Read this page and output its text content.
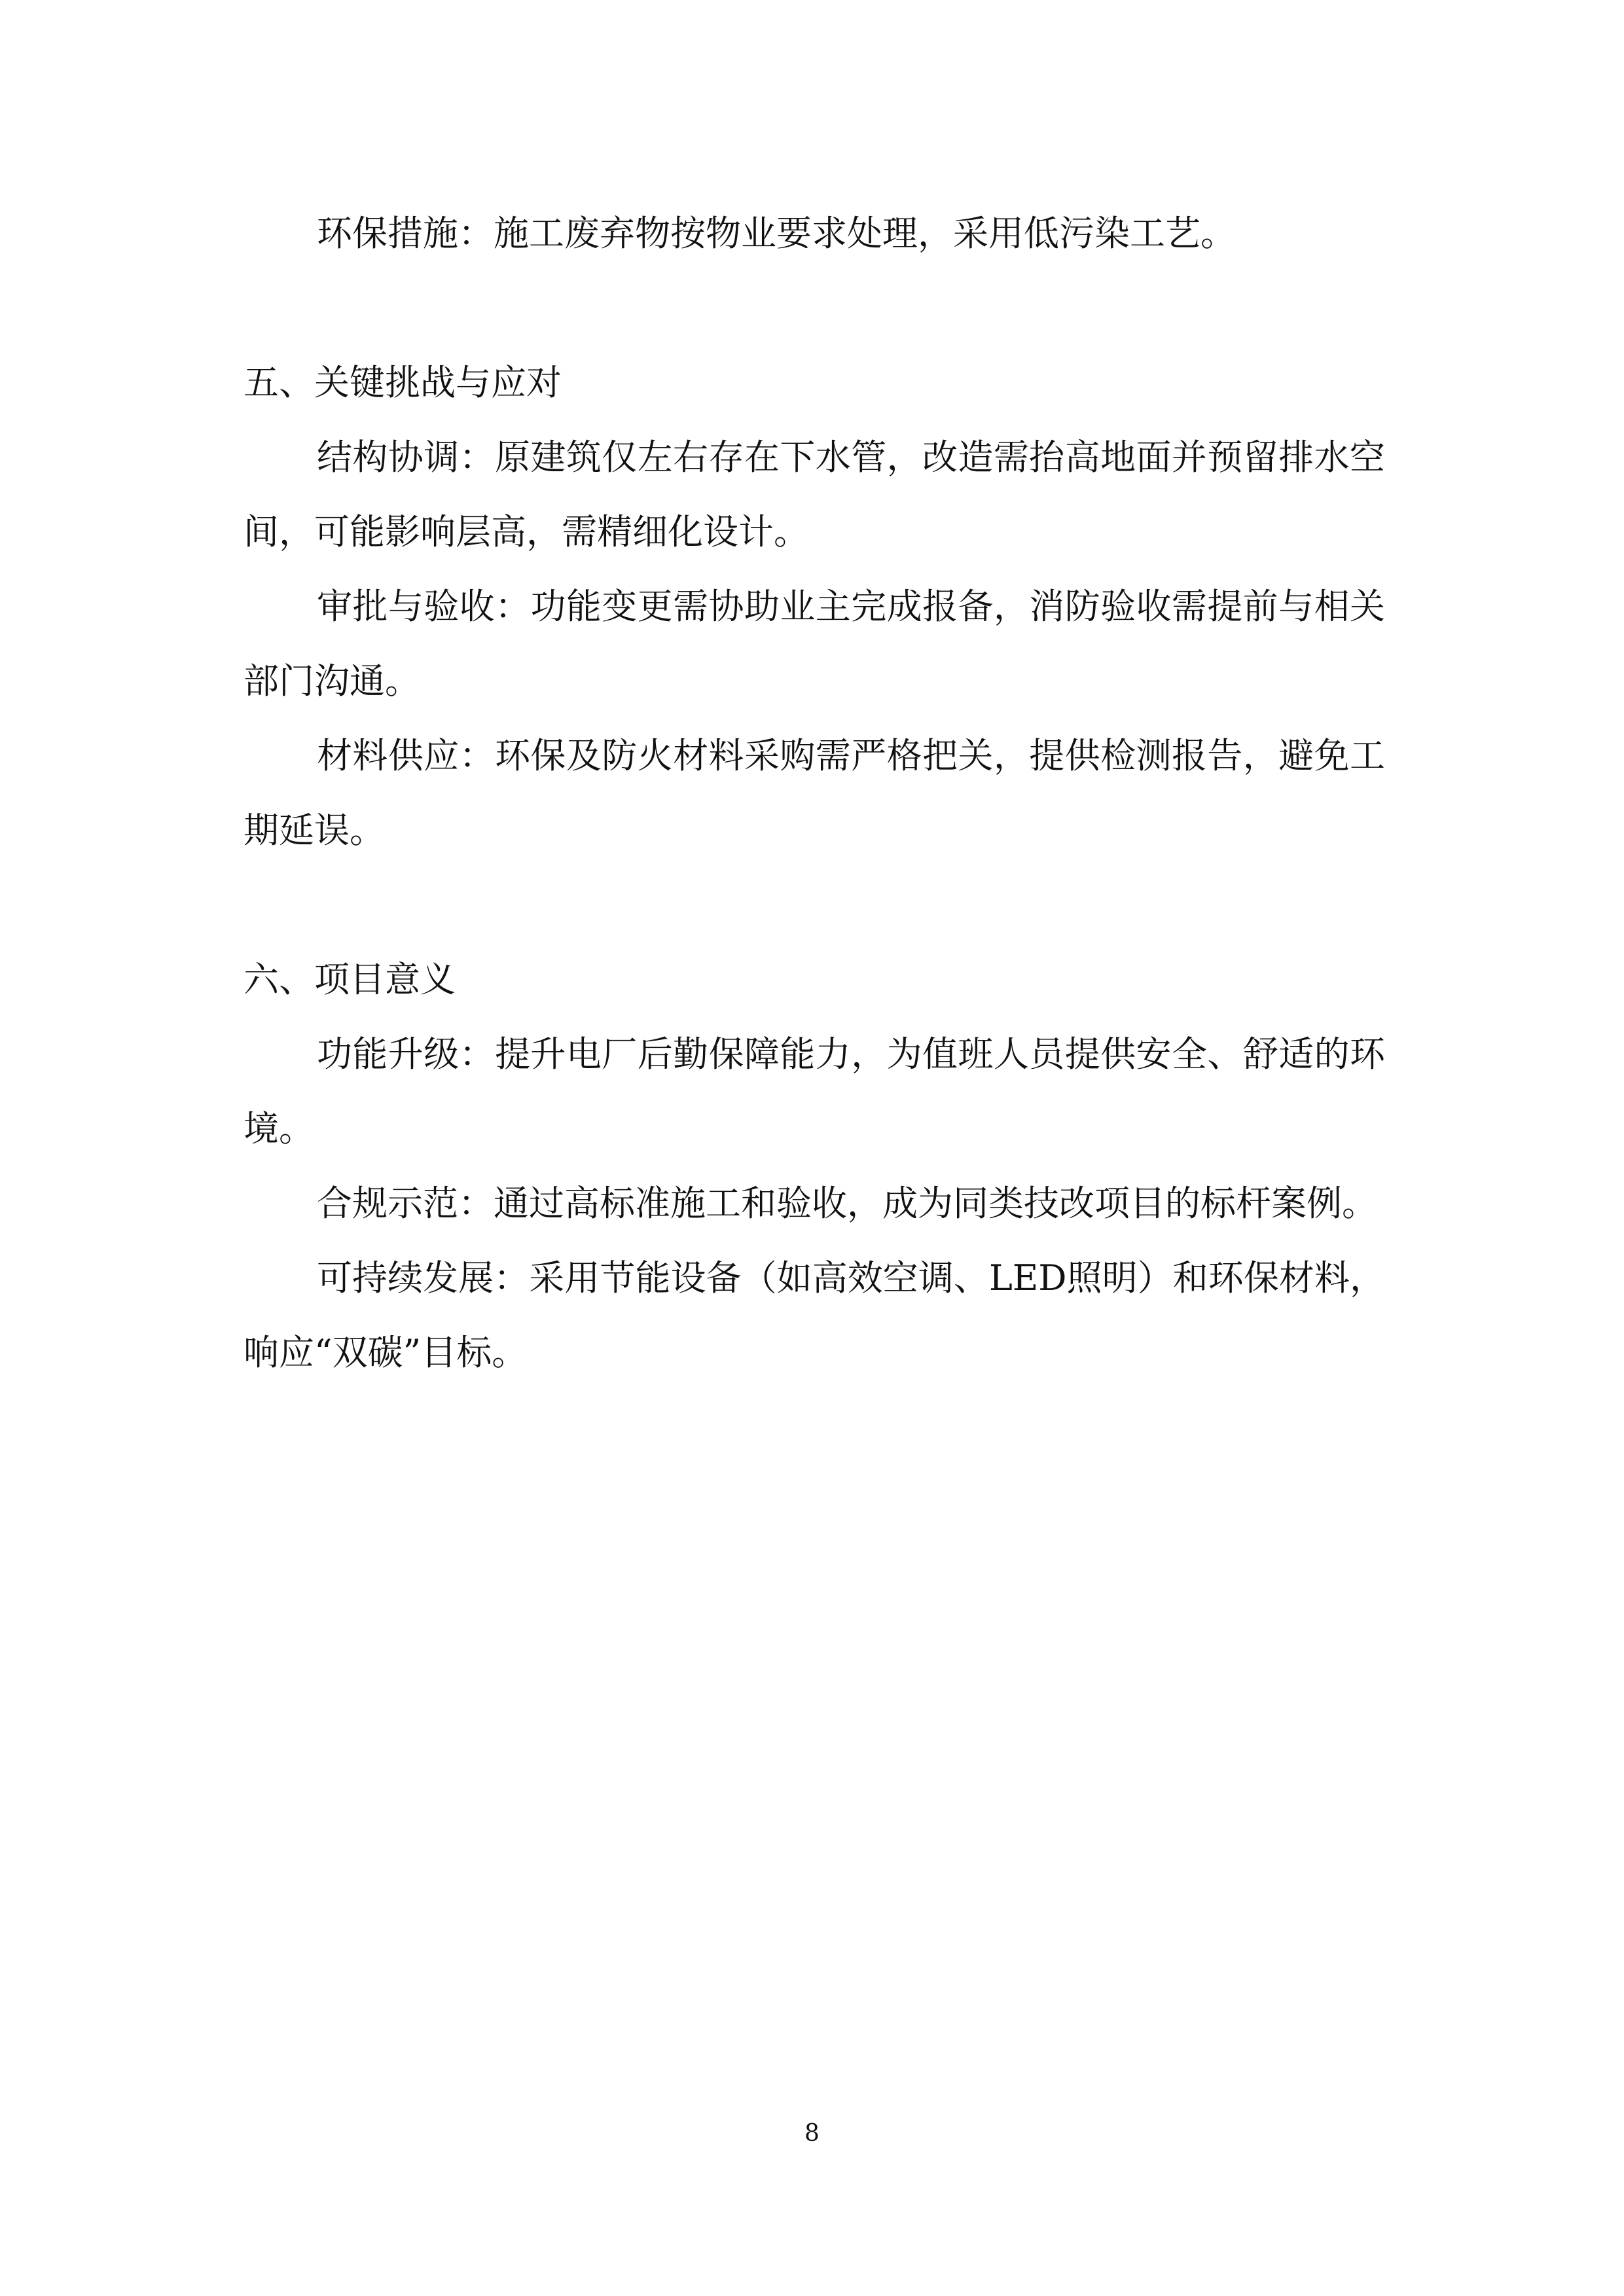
环保措施：施工废弃物按物业要求处理，采用低污染工艺。

五、关键挑战与应对

结构协调：原建筑仅左右存在下水管，改造需抬高地面并预留排水空间，可能影响层高，需精细化设计。

审批与验收：功能变更需协助业主完成报备，消防验收需提前与相关部门沟通。

材料供应：环保及防火材料采购需严格把关，提供检测报告，避免工期延误。

六、项目意义

功能升级：提升电厂后勤保障能力，为值班人员提供安全、舒适的环境。

合规示范：通过高标准施工和验收，成为同类技改项目的标杆案例。

可持续发展：采用节能设备（如高效空调、LED照明）和环保材料，响应“双碳”目标。

8
